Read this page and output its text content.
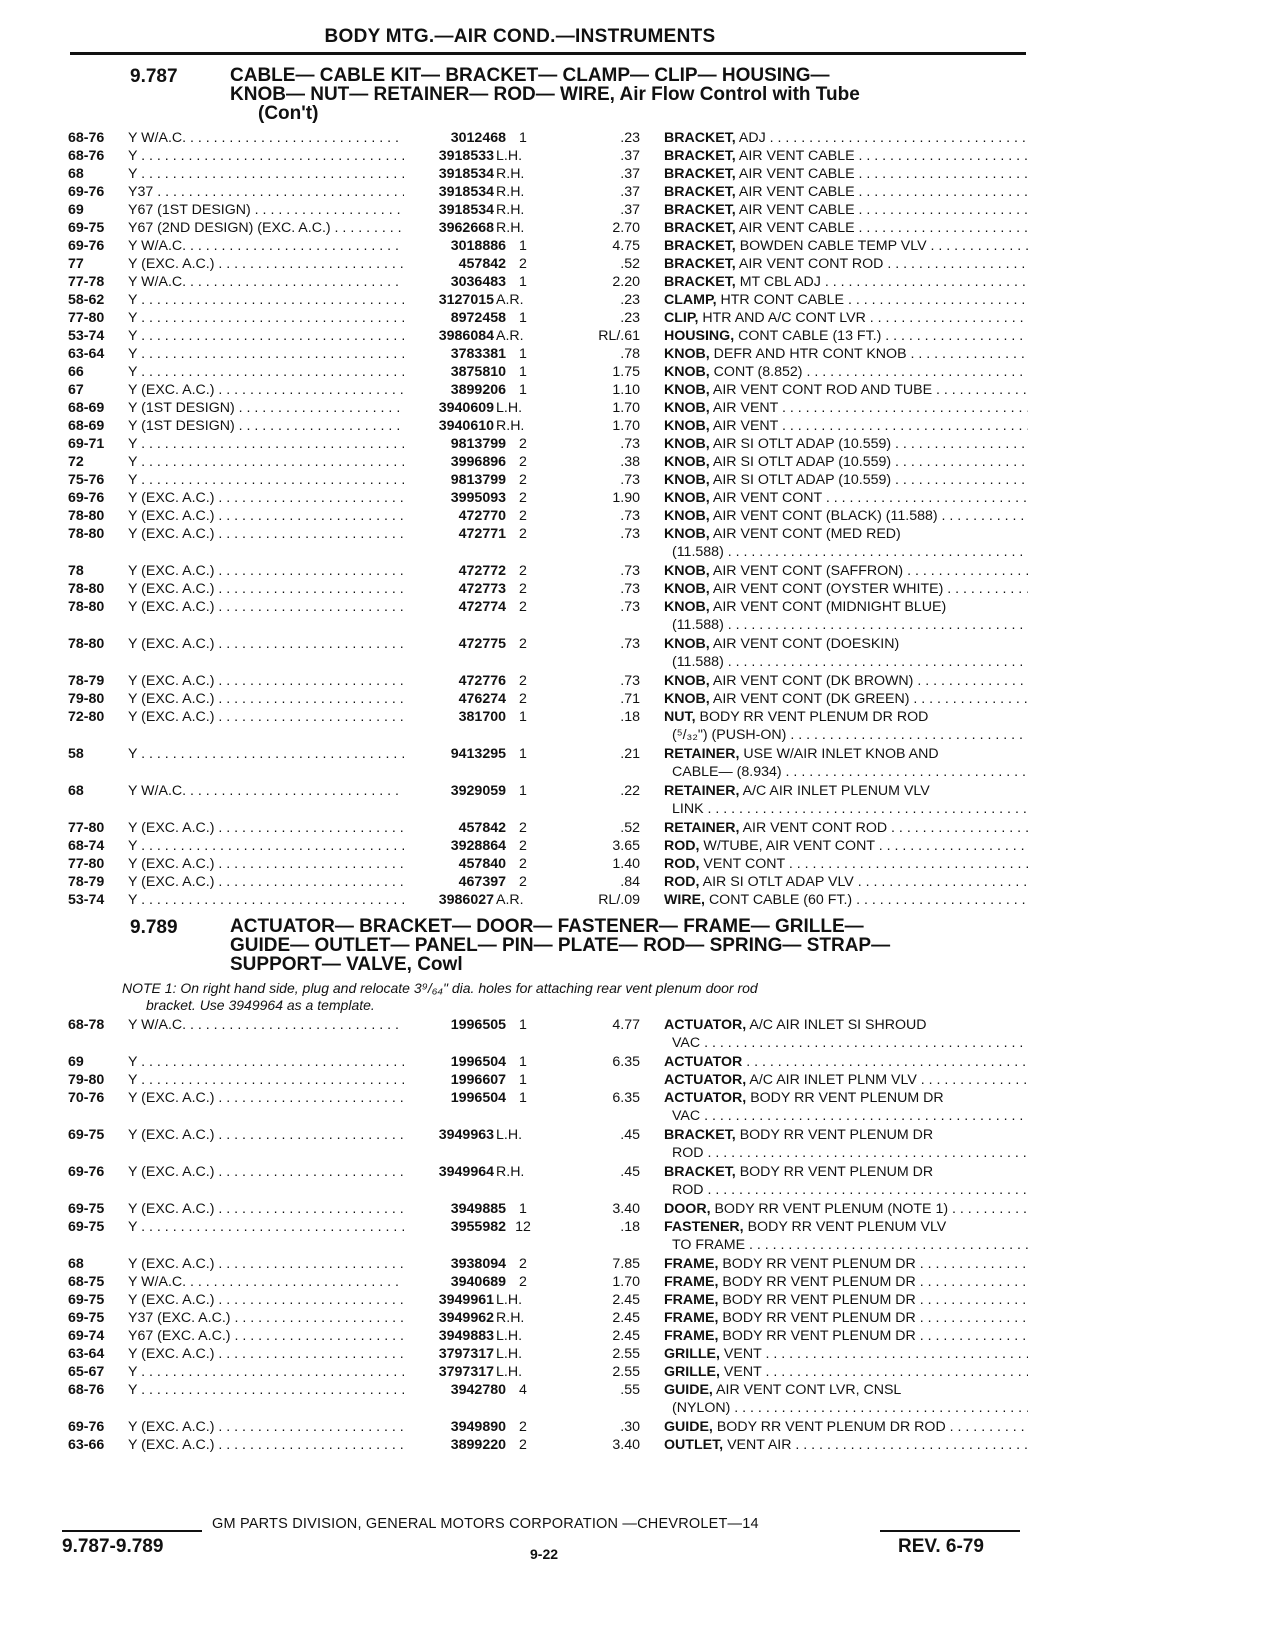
BODY MTG.—AIR COND.—INSTRUMENTS
9.787	CABLE— CABLE KIT— BRACKET— CLAMP— CLIP— HOUSING—
KNOB— NUT— RETAINER— ROD— WIRE, Air Flow Control with Tube
(Con't)
68-76 Y W/A.C. . . .	3012468 1	.23 BRACKET, ADJ . . .
68-76 Y . . .	3918533 L.H.	.37 BRACKET, AIR VENT CABLE . . .
68	Y . . .	3918534 R.H.	.37 BRACKET, AIR VENT CABLE . . .
69-76 Y37 . . .	3918534 R.H.	.37 BRACKET, AIR VENT CABLE . . .
69	Y67 (1ST DESIGN) . . .	3918534 R.H.	.37 BRACKET, AIR VENT CABLE . . .
69-75 Y67 (2ND DESIGN) (EXC. A.C.) . . .	3962668 R.H.	2.70 BRACKET, AIR VENT CABLE . . .
69-76 Y W/A.C. . . .	3018886 1	4.75 BRACKET, BOWDEN CABLE TEMP VLV . . .
77	Y (EXC. A.C.) . . .	457842 2	.52 BRACKET, AIR VENT CONT ROD . . .
77-78 Y W/A.C. . . .	3036483 1	2.20 BRACKET, MT CBL ADJ . . .
58-62 Y . . .	3127015 A.R.	.23 CLAMP, HTR CONT CABLE . . .
77-80 Y . . .	8972458 1	.23 CLIP, HTR AND A/C CONT LVR . . .
53-74 Y . . .	3986084 A.R.	RL/.61 HOUSING, CONT CABLE (13 FT.) . . .
63-64 Y . . .	3783381 1	.78 KNOB, DEFR AND HTR CONT KNOB . . .
66	Y . . .	3875810 1	1.75 KNOB, CONT (8.852) . . .
67	Y (EXC. A.C.) . . .	3899206 1	1.10 KNOB, AIR VENT CONT ROD AND TUBE . . .
68-69 Y (1ST DESIGN) . . .	3940609 L.H.	1.70 KNOB, AIR VENT . . .
68-69 Y (1ST DESIGN) . . .	3940610 R.H.	1.70 KNOB, AIR VENT . . .
69-71 Y . . .	9813799 2	.73 KNOB, AIR SI OTLT ADAP (10.559) . . .
72	Y . . .	3996896 2	.38 KNOB, AIR SI OTLT ADAP (10.559) . . .
75-76 Y . . .	9813799 2	.73 KNOB, AIR SI OTLT ADAP (10.559) . . .
69-76 Y (EXC. A.C.) . . .	3995093 2	1.90 KNOB, AIR VENT CONT . . .
78-80 Y (EXC. A.C.) . . .	472770 2	.73 KNOB, AIR VENT CONT (BLACK) (11.588) . . .
78-80 Y (EXC. A.C.) . . .	472771 2	.73 KNOB, AIR VENT CONT (MED RED)
(11.588) . . .
78	Y (EXC. A.C.) . . .	472772 2	.73 KNOB, AIR VENT CONT (SAFFRON) . . .
78-80 Y (EXC. A.C.) . . .	472773 2	.73 KNOB, AIR VENT CONT (OYSTER WHITE) . . .
78-80 Y (EXC. A.C.) . . .	472774 2	.73 KNOB, AIR VENT CONT (MIDNIGHT BLUE)
(11.588) . . .
78-80 Y (EXC. A.C.) . . .	472775 2	.73 KNOB, AIR VENT CONT (DOESKIN)
(11.588) . . .
78-79 Y (EXC. A.C.) . . .	472776 2	.73 KNOB, AIR VENT CONT (DK BROWN) . . .
79-80 Y (EXC. A.C.) . . .	476274 2	.71 KNOB, AIR VENT CONT (DK GREEN) . . .
72-80 Y (EXC. A.C.) . . .	381700 1	.18 NUT, BODY RR VENT PLENUM DR ROD
(⁵/₃₂") (PUSH-ON) . . .
58	Y . . .	9413295 1	.21 RETAINER, USE W/AIR INLET KNOB AND
CABLE— (8.934) . . .
68	Y W/A.C. . . .	3929059 1	.22 RETAINER, A/C AIR INLET PLENUM VLV
LINK . . .
77-80 Y (EXC. A.C.) . . .	457842 2	.52 RETAINER, AIR VENT CONT ROD . . .
68-74 Y . . .	3928864 2	3.65 ROD, W/TUBE, AIR VENT CONT . . .
77-80 Y (EXC. A.C.) . . .	457840 2	1.40 ROD, VENT CONT . . .
78-79 Y (EXC. A.C.) . . .	467397 2	.84 ROD, AIR SI OTLT ADAP VLV . . .
53-74 Y . . .	3986027 A.R.	RL/.09 WIRE, CONT CABLE (60 FT.) . . .
9.789	ACTUATOR— BRACKET— DOOR— FASTENER— FRAME— GRILLE—
GUIDE— OUTLET— PANEL— PIN— PLATE— ROD— SPRING— STRAP—
SUPPORT— VALVE, Cowl
NOTE 1: On right hand side, plug and relocate 3⁹/₆₄" dia. holes for attaching rear vent plenum door rod
bracket. Use 3949964 as a template.
68-78 Y W/A.C. . . .	1996505 1	4.77 ACTUATOR, A/C AIR INLET SI SHROUD
VAC . . .
69	Y . . .	1996504 1	6.35 ACTUATOR . . .
79-80 Y . . .	1996607 1	ACTUATOR, A/C AIR INLET PLNM VLV . . .
70-76 Y (EXC. A.C.) . . .	1996504 1	6.35 ACTUATOR, BODY RR VENT PLENUM DR
VAC . . .
69-75 Y (EXC. A.C.) . . .	3949963 L.H.	.45 BRACKET, BODY RR VENT PLENUM DR
ROD . . .
69-76 Y (EXC. A.C.) . . .	3949964 R.H.	.45 BRACKET, BODY RR VENT PLENUM DR
ROD . . .
69-75 Y (EXC. A.C.) . . .	3949885 1	3.40 DOOR, BODY RR VENT PLENUM (NOTE 1) . . .
69-75 Y . . .	3955982 12	.18 FASTENER, BODY RR VENT PLENUM VLV
TO FRAME . . .
68	Y (EXC. A.C.) . . .	3938094 2	7.85 FRAME, BODY RR VENT PLENUM DR . . .
68-75 Y W/A.C. . . .	3940689 2	1.70 FRAME, BODY RR VENT PLENUM DR . . .
69-75 Y (EXC. A.C.) . . .	3949961 L.H.	2.45 FRAME, BODY RR VENT PLENUM DR . . .
69-75 Y37 (EXC. A.C.) . . .	3949962 R.H.	2.45 FRAME, BODY RR VENT PLENUM DR . . .
69-74 Y67 (EXC. A.C.) . . .	3949883 L.H.	2.45 FRAME, BODY RR VENT PLENUM DR . . .
63-64 Y (EXC. A.C.) . . .	3797317 L.H.	2.55 GRILLE, VENT . . .
65-67 Y . . .	3797317 L.H.	2.55 GRILLE, VENT . . .
68-76 Y . . .	3942780 4	.55 GUIDE, AIR VENT CONT LVR, CNSL
(NYLON) . . .
69-76 Y (EXC. A.C.) . . .	3949890 2	.30 GUIDE, BODY RR VENT PLENUM DR ROD . . .
63-66 Y (EXC. A.C.) . . .	3899220 2	3.40 OUTLET, VENT AIR . . .
GM PARTS DIVISION, GENERAL MOTORS CORPORATION —CHEVROLET—14
9.787-9.789	9-22	REV. 6-79
